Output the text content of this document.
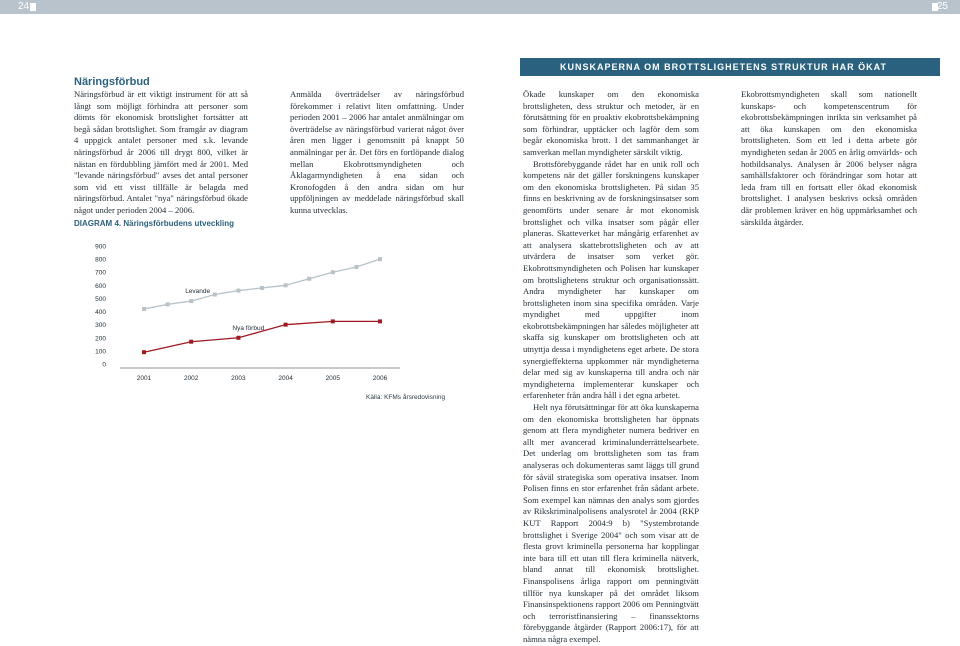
24	25
KUNSKAPERNA OM BROTTSLIGHETENS STRUKTUR HAR ÖKAT
Näringsförbud

Näringsförbud är ett viktigt instrument för att så långt som möjligt förhindra att personer som dömts för ekonomisk brottslighet fortsätter att begå sådan brottslighet. Som framgår av diagram 4 uppgick antalet personer med s.k. levande näringsförbud år 2006 till drygt 800, vilket är nästan en fördubbling jämfört med år 2001. Med "levande näringsförbud" avses det antal personer som vid ett visst tillfälle är belagda med näringsförbud. Antalet "nya" näringsförbud ökade något under perioden 2004 – 2006.

Anmälda överträdelser av näringsförbud förekommer i relativt liten omfattning. Under perioden 2001 – 2006 har antalet anmälningar om överträdelse av näringsförbud varierat något över åren men ligger i genomsnitt på knappt 50 anmälningar per år. Det förs en fortlöpande dialog mellan Ekobrottsmyndigheten och Åklagarmyndigheten å ena sidan och Kronofogden å den andra sidan om hur uppföljningen av meddelade näringsförbud skall kunna utvecklas.

Ökade kunskaper om den ekonomiska brottsligheten, dess struktur och metoder, är en förutsättning för en proaktiv ekobrottsbekämpning som förhindrar, upptäcker och lagför dem som begår ekonomiska brott. I det sammanhanget är samverkan mellan myndigheter särskilt viktig.

Brottsförebyggande rådet har en unik roll och kompetens när det gäller forskningens kunskaper om den ekonomiska brottsligheten. På sidan 35 finns en beskrivning av de forskningsinsatser som genomförts under senare år mot ekonomisk brottslighet och vilka insatser som pågår eller planeras. Skatteverket har mångårig erfarenhet av att analysera skattebrottsligheten och av att utvärdera de insatser som verket gör. Ekobrottsmyndigheten och Polisen har kunskaper om brottslighetens struktur och organisationssätt. Andra myndigheter har kunskaper om brottsligheten inom sina specifika områden. Varje myndighet med uppgifter inom ekobrottsbekämpningen har således möjligheter att skaffa sig kunskaper om brottsligheten och att utnyttja dessa i myndighetens eget arbete. De stora synergieffekterna uppkommer när myndigheterna delar med sig av kunskaperna till andra och när myndigheterna implementerar kunskaper och erfarenheter från andra håll i det egna arbetet.

Helt nya förutsättningar för att öka kunskaperna om den ekonomiska brottsligheten har öppnats genom att flera myndigheter numera bedriver en allt mer avancerad kriminalunderrättelsearbete. Det underlag om brottsligheten som tas fram analyseras och dokumenteras samt läggs till grund för såväl strategiska som operativa insatser. Inom Polisen finns en stor erfarenhet från sådant arbete. Som exempel kan nämnas den analys som gjordes av Rikskriminalpolisens analysrotel år 2004 (RKP KUT Rapport 2004:9 b) "Systembrotande brottslighet i Sverige 2004" och som visar att de flesta grovt kriminella personerna har kopplingar inte bara till ett utan till flera kriminella nätverk, bland annat till ekonomisk brottslighet. Finanspolisens årliga rapport om penningtvätt tillför nya kunskaper på det området liksom Finansinspektionens rapport 2006 om Penningtvätt och terroristfinansiering – finanssektorns förebyggande åtgärder (Rapport 2006:17), för att nämna några exempel.

Ekobrottsmyndigheten skall som nationellt kunskaps- och kompetenscentrum för ekobrottsbekämpningen inrikta sin verksamhet på att öka kunskapen om den ekonomiska brottsligheten. Som ett led i detta arbete gör myndigheten sedan år 2005 en årlig omvärlds- och hotbildsanalys. Analysen år 2006 belyser några samhällsfaktorer och förändringar som hotar att leda fram till en fortsatt eller ökad ekonomisk brottslighet. I analysen beskrivs också områden där problemen kräver en hög uppmärksamhet och särskilda åtgärder.

DIAGRAM 4. Näringsförbudens utveckling
0
100
200
300
400
500
600
700
800
900
2001	2002	2003	2004	2005	2006
Levande
Nya förbud
Källa: KFMs årsredovisning
